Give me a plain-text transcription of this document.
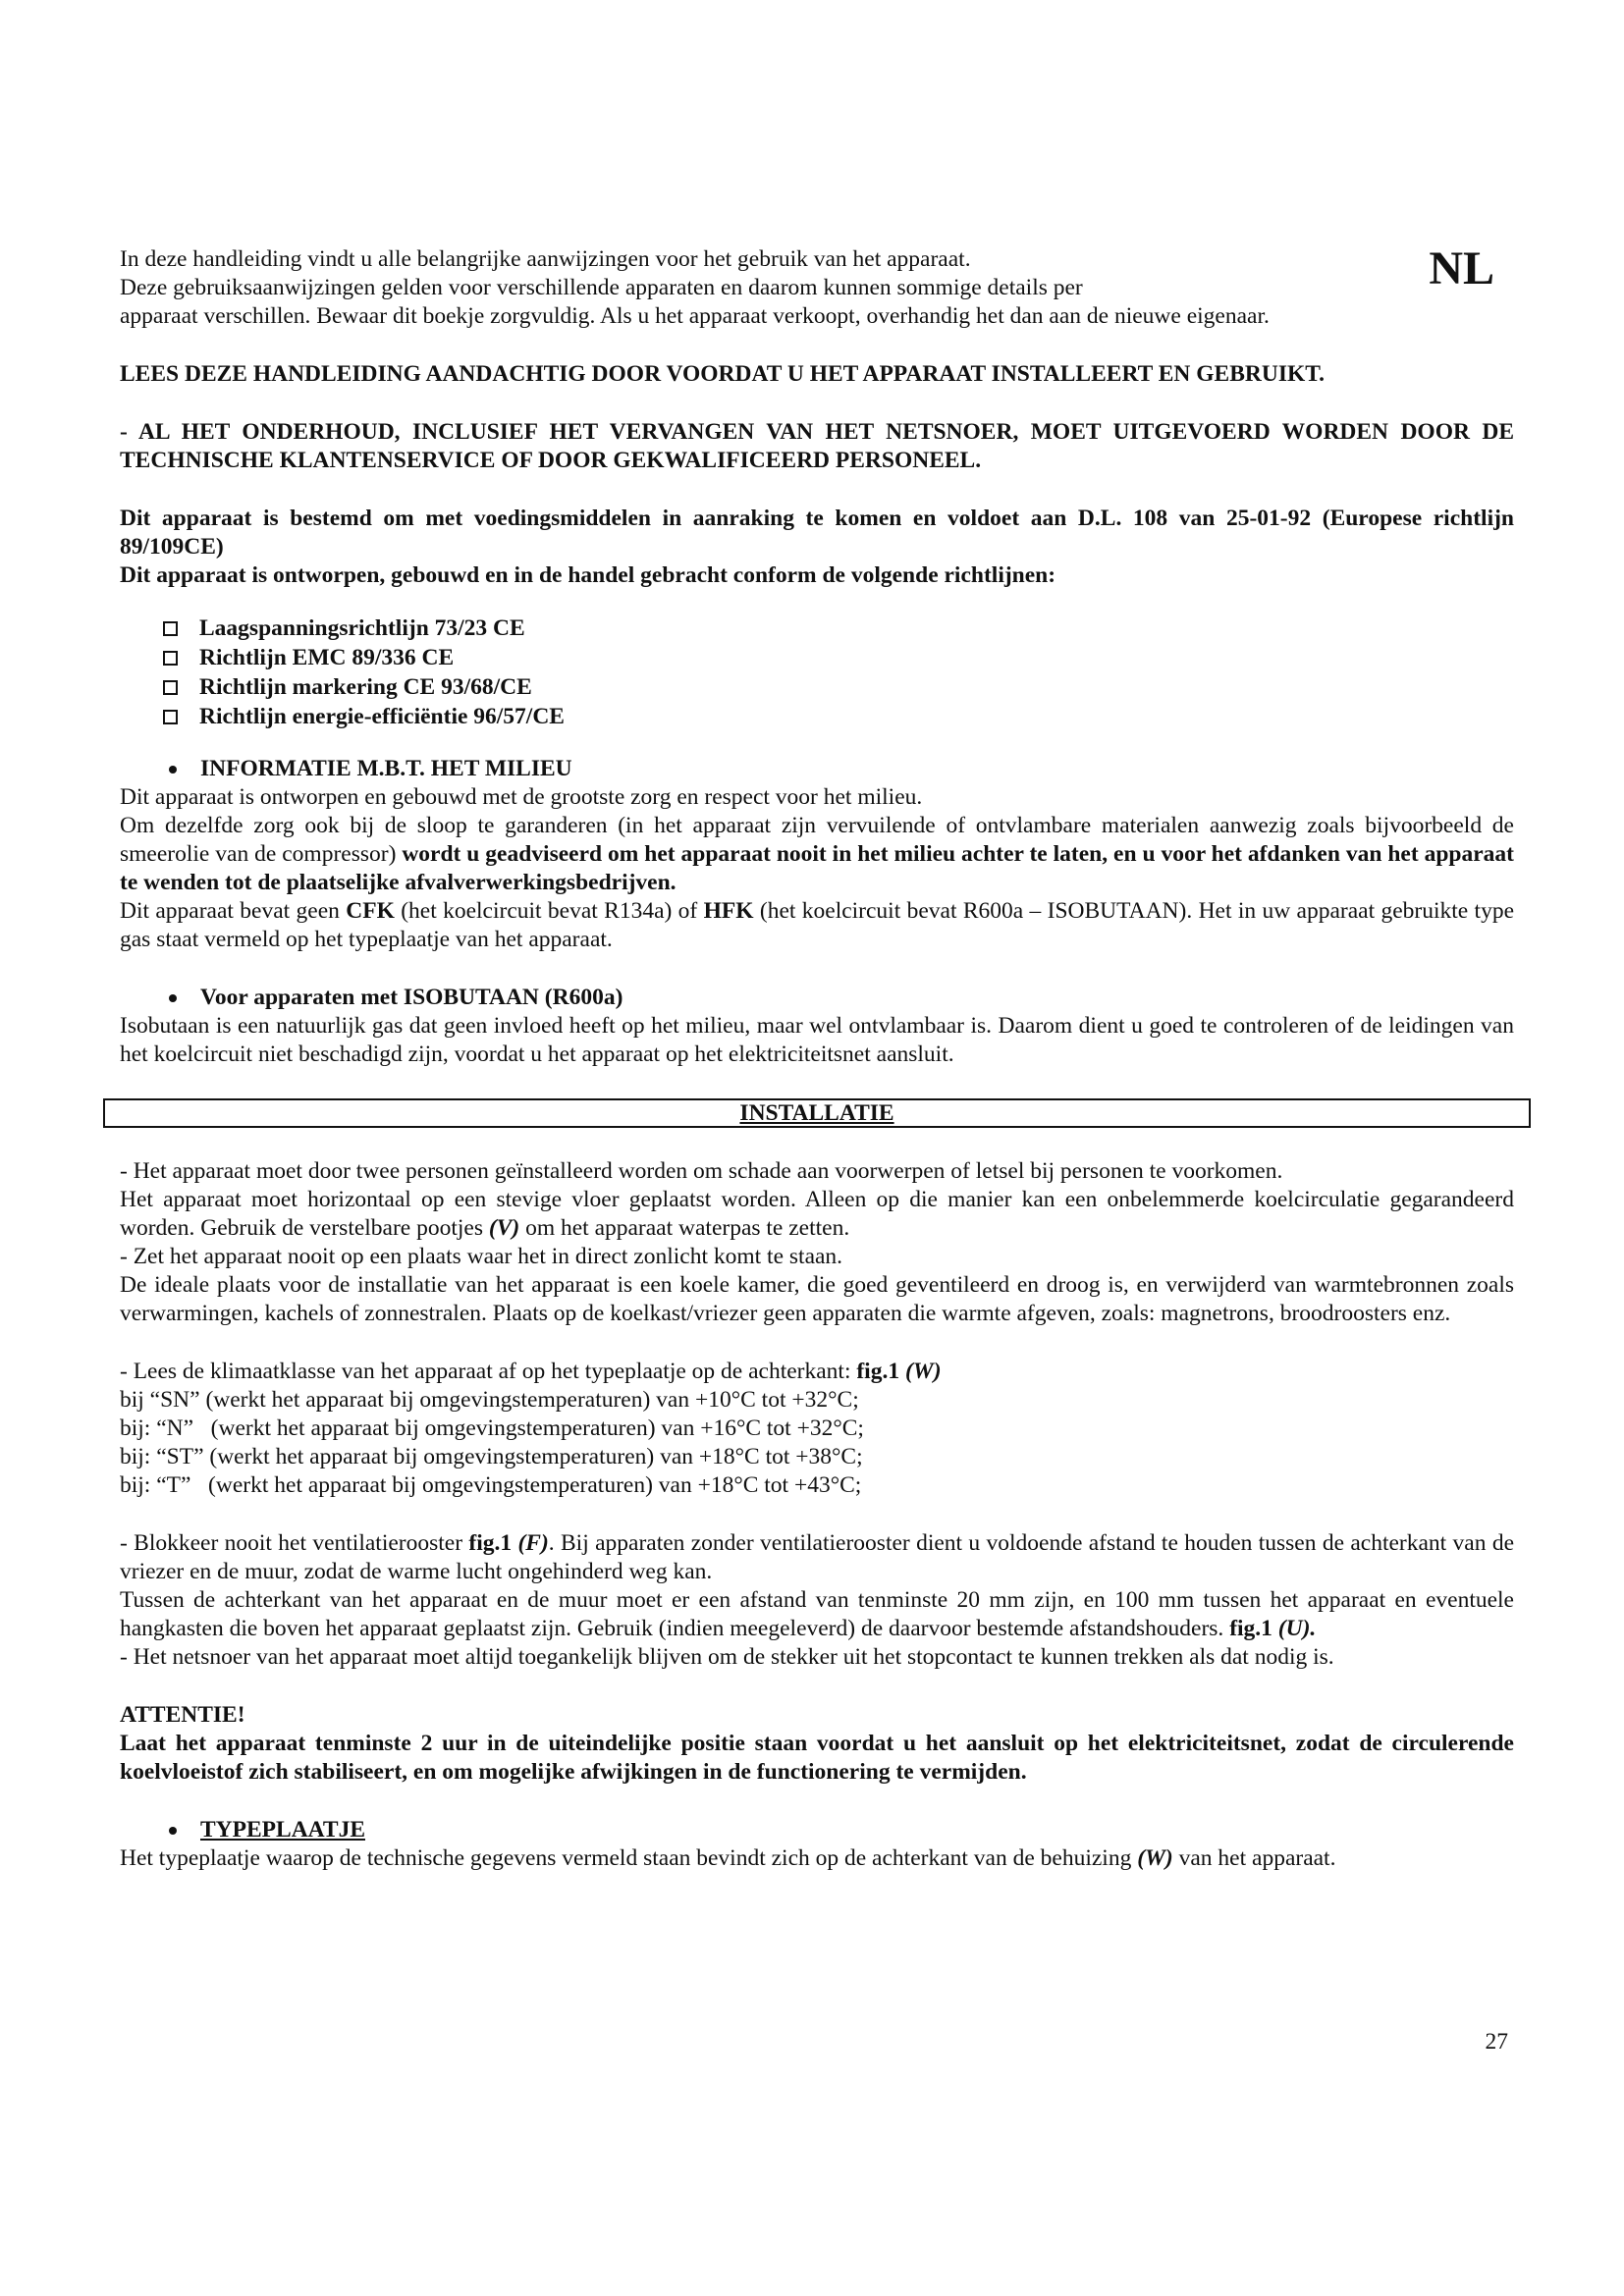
NL

In deze handleiding vindt u alle belangrijke aanwijzingen voor het gebruik van het apparaat.

Deze gebruiksaanwijzingen gelden voor verschillende apparaten en daarom kunnen sommige details per

apparaat verschillen. Bewaar dit boekje zorgvuldig. Als u het apparaat verkoopt, overhandig het dan aan de nieuwe eigenaar.

LEES DEZE HANDLEIDING AANDACHTIG DOOR VOORDAT U HET APPARAAT INSTALLEERT EN GEBRUIKT.

- AL HET ONDERHOUD, INCLUSIEF HET VERVANGEN VAN HET NETSNOER, MOET UITGEVOERD WORDEN DOOR DE TECHNISCHE KLANTENSERVICE OF DOOR GEKWALIFICEERD PERSONEEL.

Dit apparaat is bestemd om met voedingsmiddelen in aanraking te komen en voldoet aan D.L. 108 van 25-01-92 (Europese richtlijn 89/109CE)

Dit apparaat is ontworpen, gebouwd en in de handel gebracht conform de volgende richtlijnen:

Laagspanningsrichtlijn 73/23 CE
Richtlijn EMC 89/336 CE
Richtlijn markering CE 93/68/CE
Richtlijn energie-efficiëntie 96/57/CE
INFORMATIE M.B.T. HET MILIEU

Dit apparaat is ontworpen en gebouwd met de grootste zorg en respect voor het milieu.

Om dezelfde zorg ook bij de sloop te garanderen (in het apparaat zijn vervuilende of ontvlambare materialen aanwezig zoals bijvoorbeeld de smeerolie van de compressor) wordt u geadviseerd om het apparaat nooit in het milieu achter te laten, en u voor het afdanken van het apparaat te wenden tot de plaatselijke afvalverwerkingsbedrijven.

Dit apparaat bevat geen CFK (het koelcircuit bevat R134a) of HFK (het koelcircuit bevat R600a – ISOBUTAAN). Het in uw apparaat gebruikte type gas staat vermeld op het typeplaatje van het apparaat.

Voor apparaten met ISOBUTAAN (R600a)

Isobutaan is een natuurlijk gas dat geen invloed heeft op het milieu, maar wel ontvlambaar is. Daarom dient u goed te controleren of de leidingen van het koelcircuit niet beschadigd zijn, voordat u het apparaat op het elektriciteitsnet aansluit.

INSTALLATIE

- Het apparaat moet door twee personen geïnstalleerd worden om schade aan voorwerpen of letsel bij personen te voorkomen.

Het apparaat moet horizontaal op een stevige vloer geplaatst worden. Alleen op die manier kan een onbelemmerde koelcirculatie gegarandeerd worden. Gebruik de verstelbare pootjes (V) om het apparaat waterpas te zetten.

- Zet het apparaat nooit op een plaats waar het in direct zonlicht komt te staan.

De ideale plaats voor de installatie van het apparaat is een koele kamer, die goed geventileerd en droog is, en verwijderd van warmtebronnen zoals verwarmingen, kachels of zonnestralen. Plaats op de koelkast/vriezer geen apparaten die warmte afgeven, zoals: magnetrons, broodroosters enz.

- Lees de klimaatklasse van het apparaat af op het typeplaatje op de achterkant: fig.1 (W)

bij “SN” (werkt het apparaat bij omgevingstemperaturen) van +10°C tot +32°C;

bij: “N”   (werkt het apparaat bij omgevingstemperaturen) van +16°C tot +32°C;

bij: “ST” (werkt het apparaat bij omgevingstemperaturen) van +18°C tot +38°C;

bij: “T”   (werkt het apparaat bij omgevingstemperaturen) van +18°C tot +43°C;

- Blokkeer nooit het ventilatierooster fig.1 (F). Bij apparaten zonder ventilatierooster dient u voldoende afstand te houden tussen de achterkant van de vriezer en de muur, zodat de warme lucht ongehinderd weg kan.

Tussen de achterkant van het apparaat en de muur moet er een afstand van tenminste 20 mm zijn, en 100 mm tussen het apparaat en eventuele hangkasten die boven het apparaat geplaatst zijn. Gebruik (indien meegeleverd) de daarvoor bestemde afstandshouders. fig.1 (U).

- Het netsnoer van het apparaat moet altijd toegankelijk blijven om de stekker uit het stopcontact te kunnen trekken als dat nodig is.

ATTENTIE!

Laat het apparaat tenminste 2 uur in de uiteindelijke positie staan voordat u het aansluit op het elektriciteitsnet, zodat de circulerende koelvloeistof zich stabiliseert, en om mogelijke afwijkingen in de functionering te vermijden.

TYPEPLAATJE

Het typeplaatje waarop de technische gegevens vermeld staan bevindt zich op de achterkant van de behuizing (W) van het apparaat.

27
